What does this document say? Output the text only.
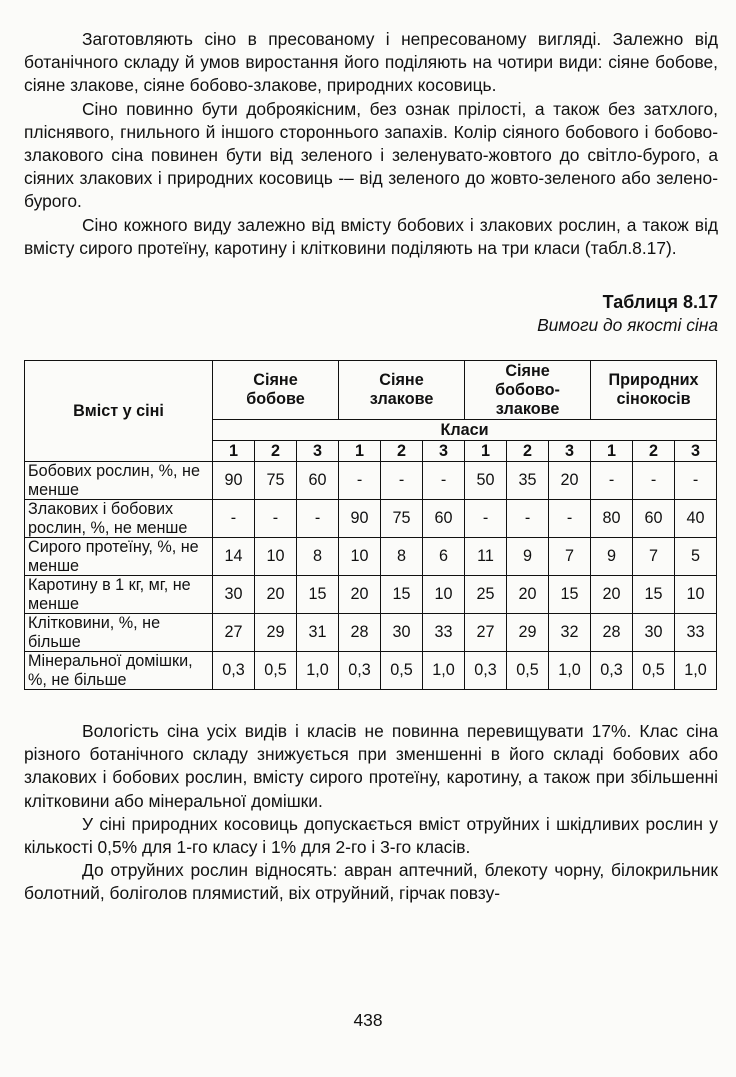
Заготовляють сіно в пресованому і непресованому вигляді. Залежно від ботанічного складу й умов виростання його поділяють на чотири види: сіяне бобове, сіяне злакове, сіяне бобово-злакове, природних косовиць.

Сіно повинно бути доброякісним, без ознак прілості, а також без затхлого, пліснявого, гнильного й іншого стороннього запахів. Колір сіяного бобового і бобово-злакового сіна повинен бути від зеленого і зеленувато-жовтого до світло-бурого, а сіяних злакових і природних косовиць -– від зеленого до жовто-зеленого або зелено-бурого.

Сіно кожного виду залежно від вмісту бобових і злакових рослин, а також від вмісту сирого протеїну, каротину і клітковини поділяють на три класи (табл.8.17).

Таблиця 8.17
Вимоги до якості сіна
Вміст у сіні	Сіяне бобове			Сіяне злакове			Сіяне бобово-злакове			Природних сінокосів		

	Класи											
	1	2	3	1	2	3	1	2	3	1	2	3
Бобових рослин, %, не менше	90	75	60	-	-	-	50	35	20	-	-	-
Злакових і бобових рослин, %, не менше	-	-	-	90	75	60	-	-	-	80	60	40
Сирого протеїну, %, не менше	14	10	8	10	8	6	11	9	7	9	7	5
Каротину в 1 кг, мг, не менше	30	20	15	20	15	10	25	20	15	20	15	10
Клітковини, %, не більше	27	29	31	28	30	33	27	29	32	28	30	33
Мінеральної домішки, %, не більше	0,3	0,5	1,0	0,3	0,5	1,0	0,3	0,5	1,0	0,3	0,5	1,0

Вологість сіна усіх видів і класів не повинна перевищувати 17%. Клас сіна різного ботанічного складу знижується при зменшенні в його складі бобових або злакових і бобових рослин, вмісту сирого протеїну, каротину, а також при збільшенні клітковини або мінеральної домішки.

У сіні природних косовиць допускається вміст отруйних і шкідливих рослин у кількості 0,5% для 1-го класу і 1% для 2-го і 3-го класів.

До отруйних рослин відносять: авран аптечний, блекоту чорну, білокрильник болотний, боліголов плямистий, віх отруйний, гірчак повзу-

438
